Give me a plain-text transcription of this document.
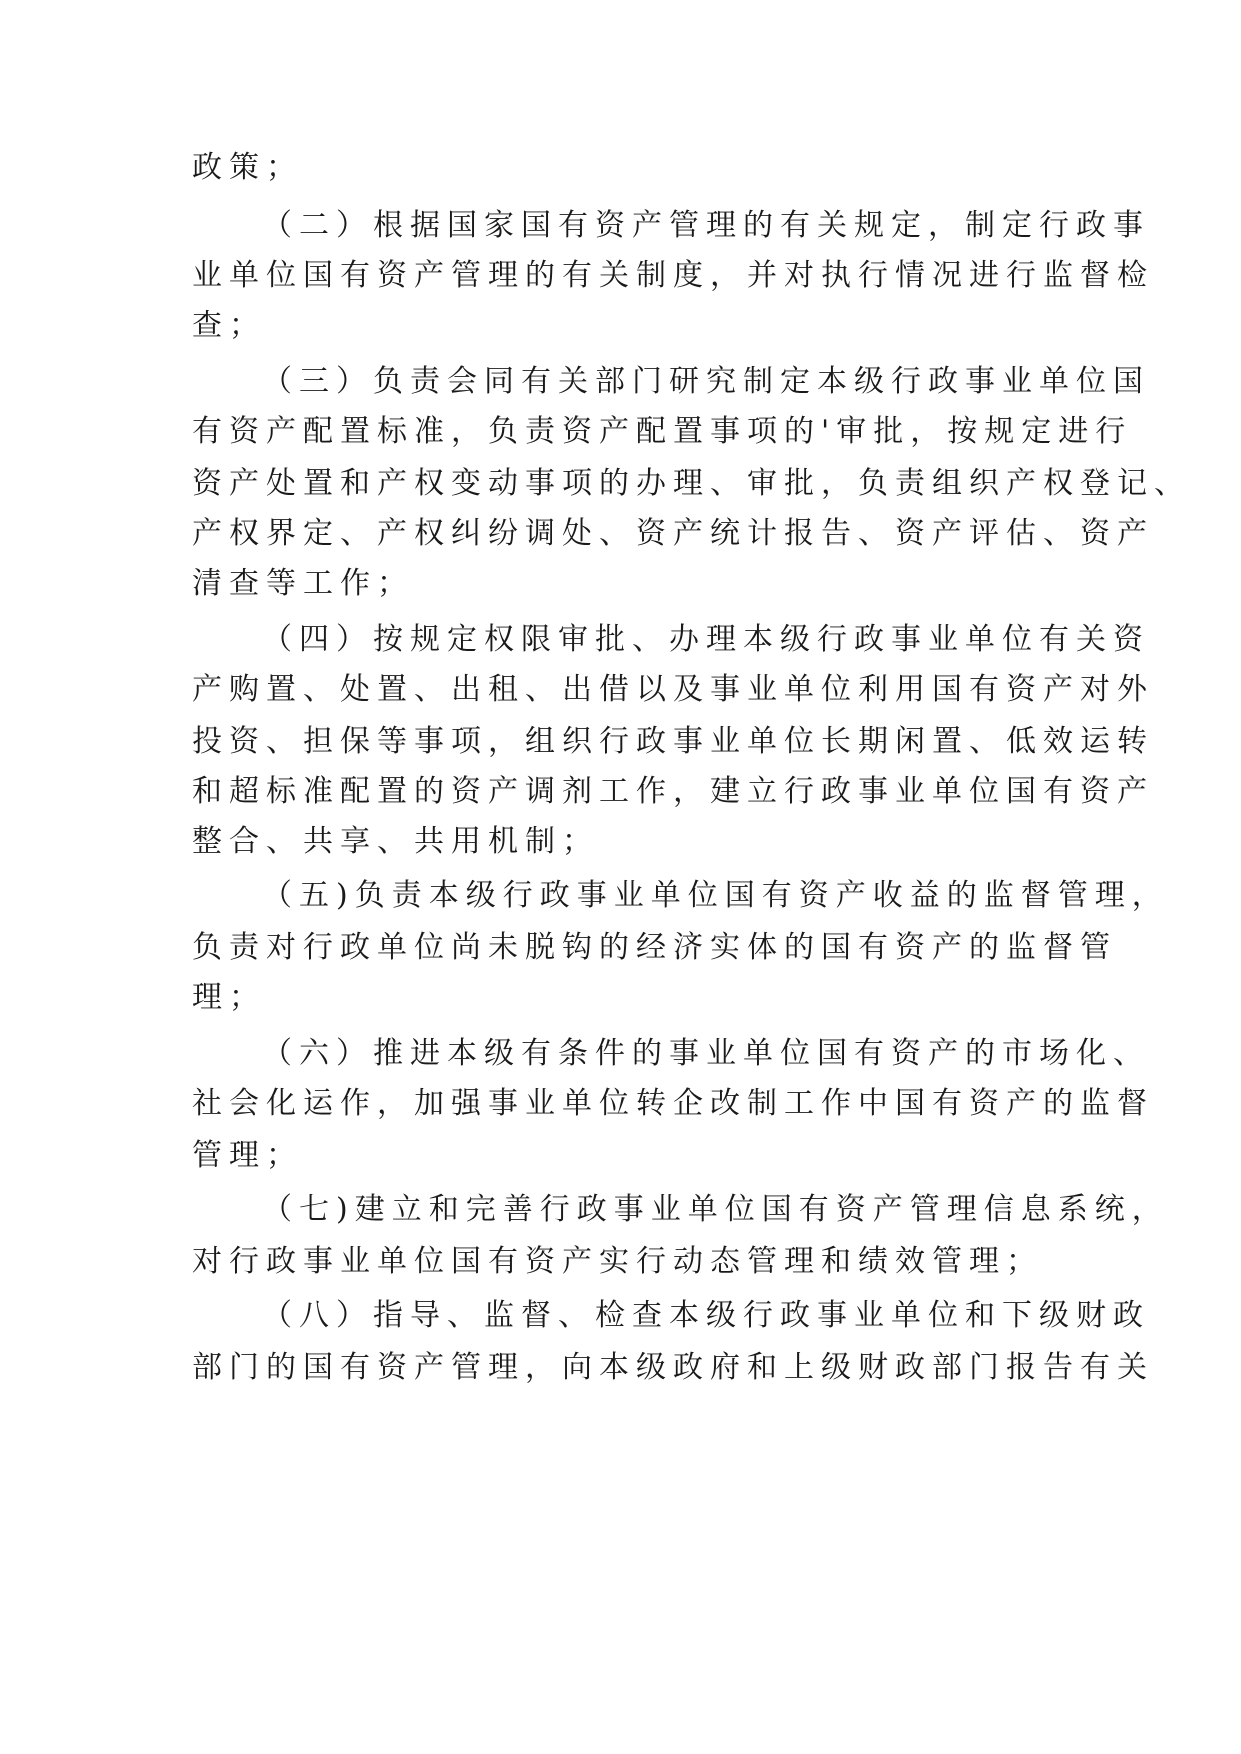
政策；
（二）根据国家国有资产管理的有关规定，制定行政事
业单位国有资产管理的有关制度，并对执行情况进行监督检
查；
（三）负责会同有关部门研究制定本级行政事业单位国
有资产配置标准，负责资产配置事项的'审批，按规定进行
资产处置和产权变动事项的办理、审批，负责组织产权登记、
产权界定、产权纠纷调处、资产统计报告、资产评估、资产
清查等工作；
（四）按规定权限审批、办理本级行政事业单位有关资
产购置、处置、出租、出借以及事业单位利用国有资产对外
投资、担保等事项，组织行政事业单位长期闲置、低效运转
和超标准配置的资产调剂工作，建立行政事业单位国有资产
整合、共享、共用机制；
（五)负责本级行政事业单位国有资产收益的监督管理，
负责对行政单位尚未脱钩的经济实体的国有资产的监督管
理；
（六）推进本级有条件的事业单位国有资产的市场化、
社会化运作，加强事业单位转企改制工作中国有资产的监督
管理；
（七)建立和完善行政事业单位国有资产管理信息系统，
对行政事业单位国有资产实行动态管理和绩效管理；
（八）指导、监督、检查本级行政事业单位和下级财政
部门的国有资产管理，向本级政府和上级财政部门报告有关
